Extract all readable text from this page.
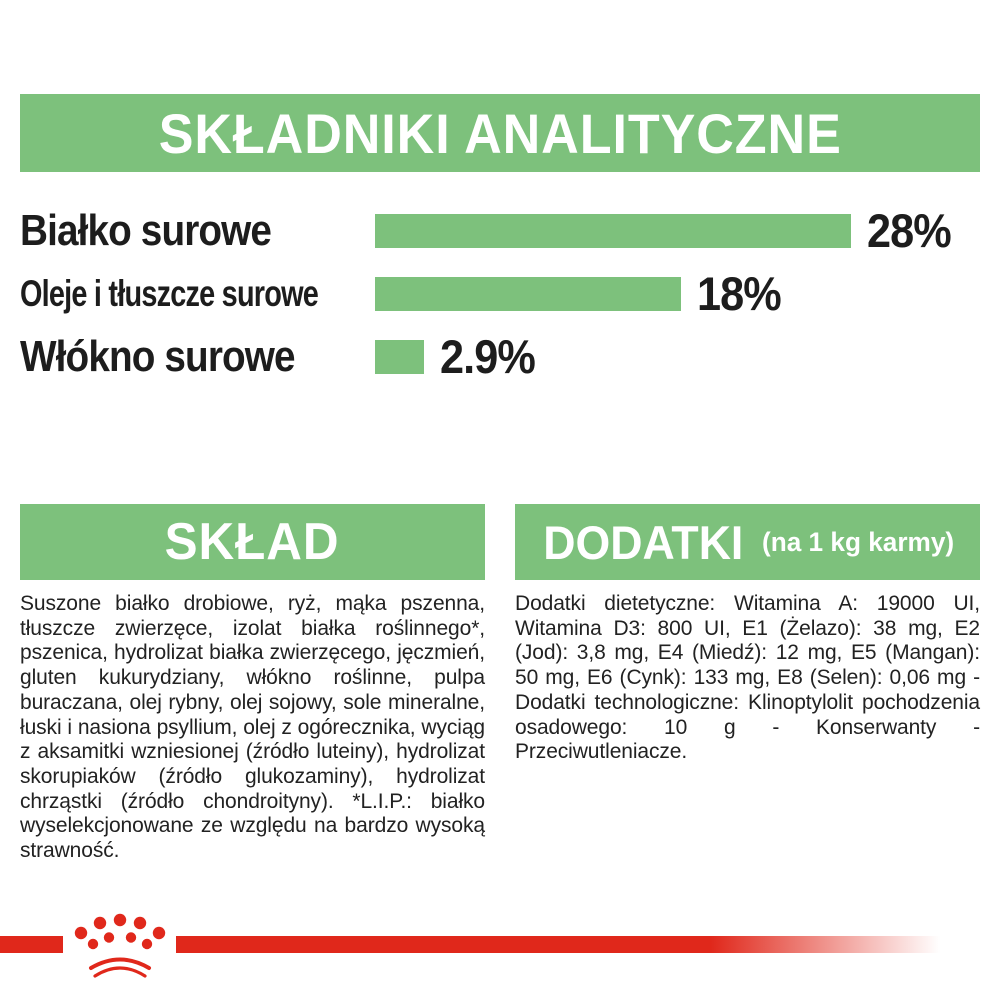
SKŁADNIKI ANALITYCZNE
Białko surowe	28%
Oleje i tłuszcze surowe	18%
Włókno surowe	2.9%
SKŁAD
Suszone białko drobiowe, ryż, mąka pszenna, tłuszcze zwierzęce, izolat białka roślinnego*, pszenica, hydrolizat białka zwierzęcego, jęczmień, gluten kukurydziany, włókno roślinne, pulpa buraczana, olej rybny, olej sojowy, sole mineralne, łuski i nasiona psyllium, olej z ogórecznika, wyciąg z aksamitki wzniesionej (źródło luteiny), hydrolizat skorupiaków (źródło glukozaminy), hydrolizat chrząstki (źródło chondroityny). *L.I.P.: białko wyselekcjonowane ze względu na bardzo wysoką strawność.
DODATKI (na 1 kg karmy)
Dodatki dietetyczne: Witamina A: 19000 UI, Witamina D3: 800 UI, E1 (Żelazo): 38 mg, E2 (Jod): 3,8 mg, E4 (Miedź): 12 mg, E5 (Mangan): 50 mg, E6 (Cynk): 133 mg, E8 (Selen): 0,06 mg - Dodatki technologiczne: Klinoptylolit pochodzenia osadowego: 10 g - Konserwanty - Przeciwutleniacze.
